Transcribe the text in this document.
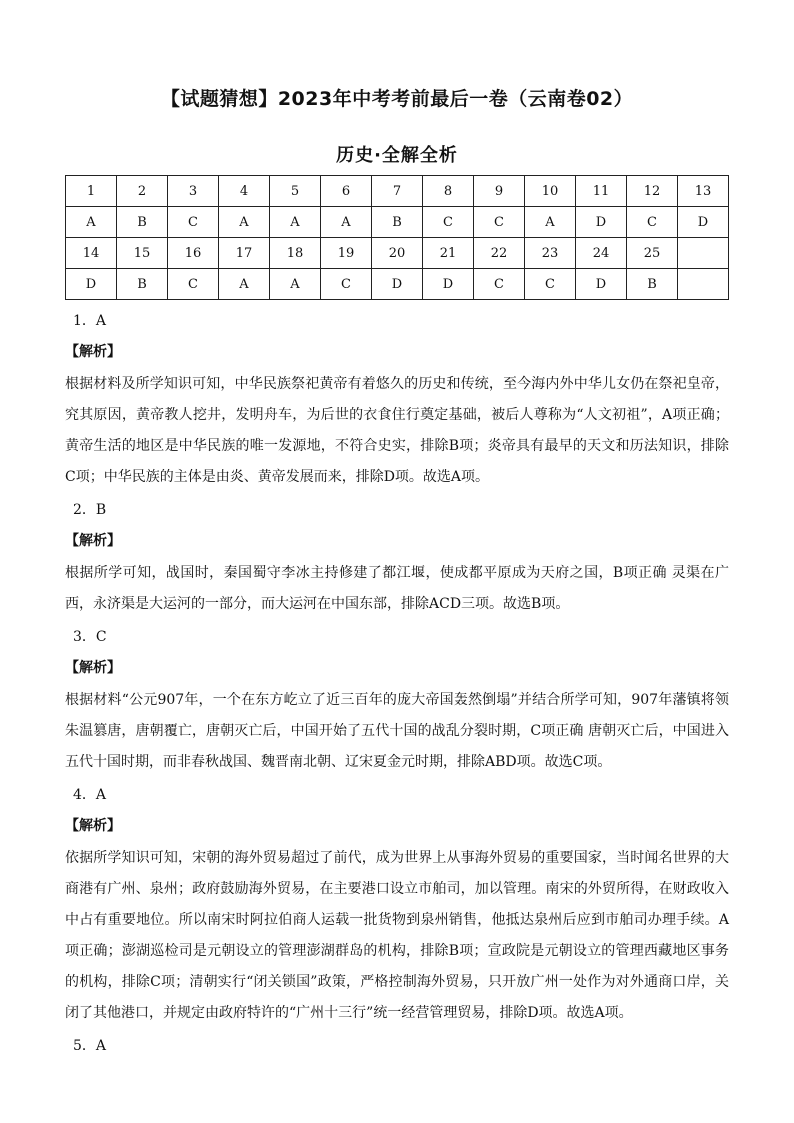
【试题猜想】2023年中考考前最后一卷（云南卷02）
历史·全解全析
1	2	3	4	5	6	7	8	9	10	11	12	13
A	B	C	A	A	A	B	C	C	A	D	C	D
14	15	16	17	18	19	20	21	22	23	24	25	
D	B	C	A	A	C	D	D	C	C	D	B	
1．A
【解析】
根据材料及所学知识可知，中华民族祭祀黄帝有着悠久的历史和传统，至今海内外中华儿女仍在祭祀皇帝，究其原因，黄帝教人挖井，发明舟车，为后世的衣食住行奠定基础，被后人尊称为“人文初祖”，A项正确；黄帝生活的地区是中华民族的唯一发源地，不符合史实，排除B项；炎帝具有最早的天文和历法知识，排除C项；中华民族的主体是由炎、黄帝发展而来，排除D项。故选A项。
2．B
【解析】
根据所学可知，战国时，秦国蜀守李冰主持修建了都江堰，使成都平原成为天府之国，B项正确 灵渠在广西，永济渠是大运河的一部分，而大运河在中国东部，排除ACD三项。故选B项。
3．C
【解析】
根据材料“公元907年，一个在东方屹立了近三百年的庞大帝国轰然倒塌”并结合所学可知，907年藩镇将领朱温篡唐，唐朝覆亡，唐朝灭亡后，中国开始了五代十国的战乱分裂时期，C项正确 唐朝灭亡后，中国进入五代十国时期，而非春秋战国、魏晋南北朝、辽宋夏金元时期，排除ABD项。故选C项。
4．A
【解析】
依据所学知识可知，宋朝的海外贸易超过了前代，成为世界上从事海外贸易的重要国家，当时闻名世界的大商港有广州、泉州；政府鼓励海外贸易，在主要港口设立市舶司，加以管理。南宋的外贸所得，在财政收入中占有重要地位。所以南宋时阿拉伯商人运载一批货物到泉州销售，他抵达泉州后应到市舶司办理手续。A项正确；澎湖巡检司是元朝设立的管理澎湖群岛的机构，排除B项；宣政院是元朝设立的管理西藏地区事务的机构，排除C项；清朝实行“闭关锁国”政策，严格控制海外贸易，只开放广州一处作为对外通商口岸，关闭了其他港口，并规定由政府特许的“广州十三行”统一经营管理贸易，排除D项。故选A项。
5．A
